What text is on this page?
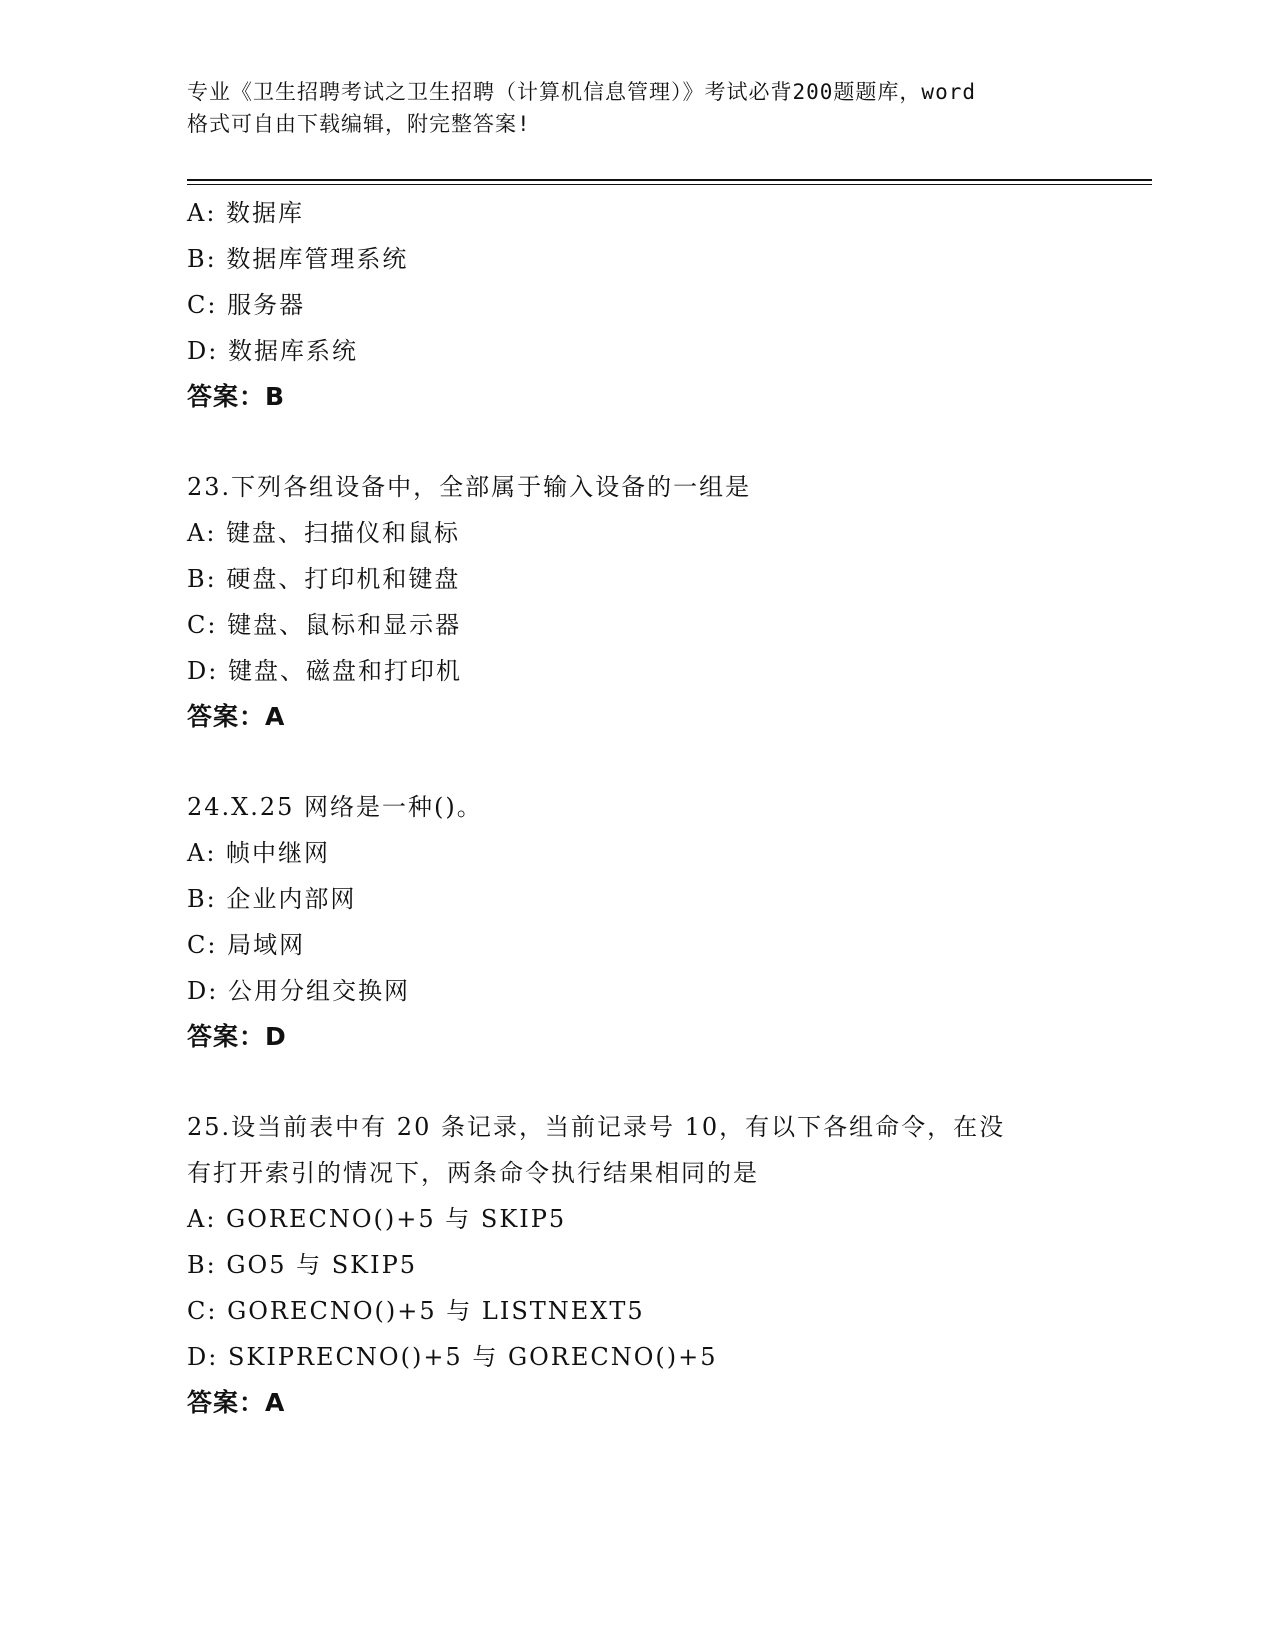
专业《卫生招聘考试之卫生招聘（计算机信息管理）》考试必背200题题库，word
格式可自由下载编辑，附完整答案!
A: 数据库
B: 数据库管理系统
C: 服务器
D: 数据库系统
答案：B
23.下列各组设备中，全部属于输入设备的一组是
A: 键盘、扫描仪和鼠标
B: 硬盘、打印机和键盘
C: 键盘、鼠标和显示器
D: 键盘、磁盘和打印机
答案：A
24.X.25 网络是一种()。
A: 帧中继网
B: 企业内部网
C: 局域网
D: 公用分组交换网
答案：D
25.设当前表中有 20 条记录，当前记录号 10，有以下各组命令，在没
有打开索引的情况下，两条命令执行结果相同的是
A: GORECNO()+5 与 SKIP5
B: GO5 与 SKIP5
C: GORECNO()+5 与 LISTNEXT5
D: SKIPRECNO()+5 与 GORECNO()+5
答案：A
